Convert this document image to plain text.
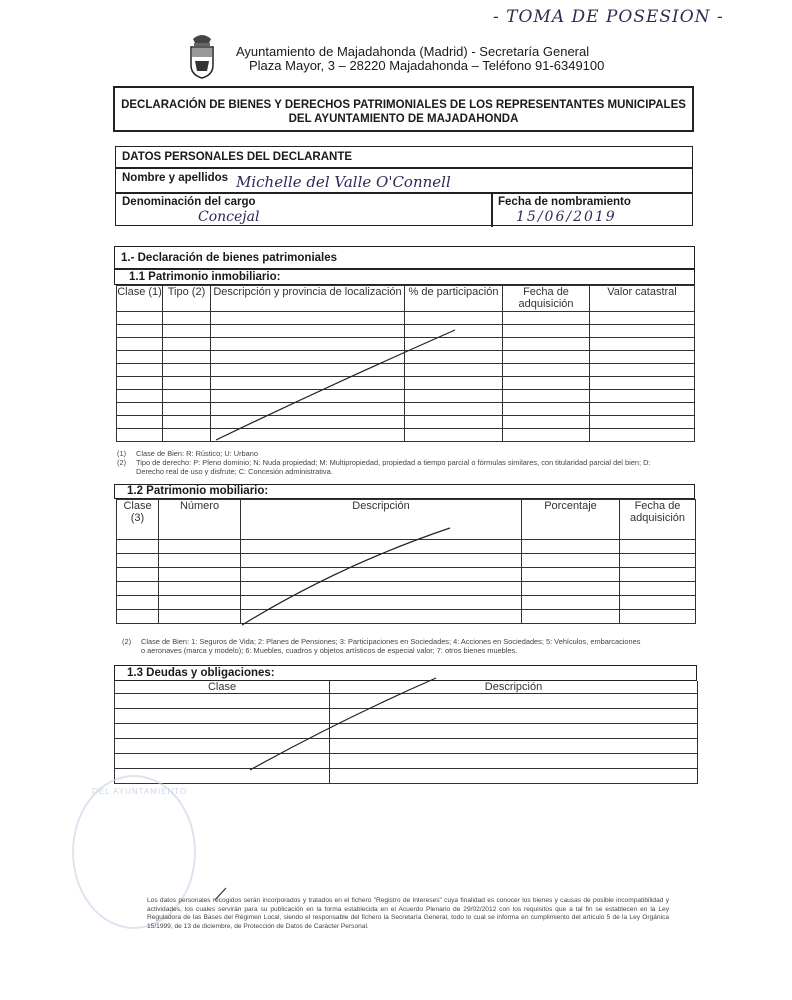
- TOMA DE POSESION -
Ayuntamiento de Majadahonda (Madrid) - Secretaría General
Plaza Mayor, 3 – 28220 Majadahonda – Teléfono 91-6349100
DECLARACIÓN DE BIENES Y DERECHOS PATRIMONIALES DE LOS REPRESENTANTES MUNICIPALES
DEL AYUNTAMIENTO DE MAJADAHONDA
DATOS PERSONALES DEL DECLARANTE
Nombre y apellidos Michelle del Valle O'Connell
Denominación del cargo
Concejal
Fecha de nombramiento
15/06/2019
1.- Declaración de bienes patrimoniales
1.1 Patrimonio inmobiliario:
Clase (1)	Tipo (2)	Descripción y provincia de localización	% de participación	Fecha de adquisición	Valor catastral

(1) Clase de Bien: R: Rústico; U: Urbano
(2) Tipo de derecho: P: Pleno dominio; N: Nuda propiedad; M: Multipropiedad, propiedad a tiempo parcial o fórmulas similares, con titularidad parcial del bien; D: Derecho real de uso y disfrute; C: Concesión administrativa.
1.2 Patrimonio mobiliario:
Clase (3)	Número	Descripción	Porcentaje	Fecha de adquisición

(2) Clase de Bien: 1: Seguros de Vida; 2: Planes de Pensiones; 3: Participaciones en Sociedades; 4: Acciones en Sociedades; 5: Vehículos, embarcaciones o aeronaves (marca y modelo); 6: Muebles, cuadros y objetos artísticos de especial valor; 7: otros bienes muebles.
1.3 Deudas y obligaciones:
Clase	Descripción

DEL AYUNTAMIENTO
Los datos personales recogidos serán incorporados y tratados en el fichero "Registro de Intereses" cuya finalidad es conocer los bienes y causas de posible incompatibilidad y actividades, los cuales servirán para su publicación en la forma establecida en el Acuerdo Plenario de 29/02/2012 con los requisitos que a tal fin se establecen en la Ley Reguladora de las Bases del Régimen Local, siendo el responsable del fichero la Secretaría General, todo lo cual se informa en cumplimiento del artículo 5 de la Ley Orgánica 15/1999, de 13 de diciembre, de Protección de Datos de Carácter Personal.
